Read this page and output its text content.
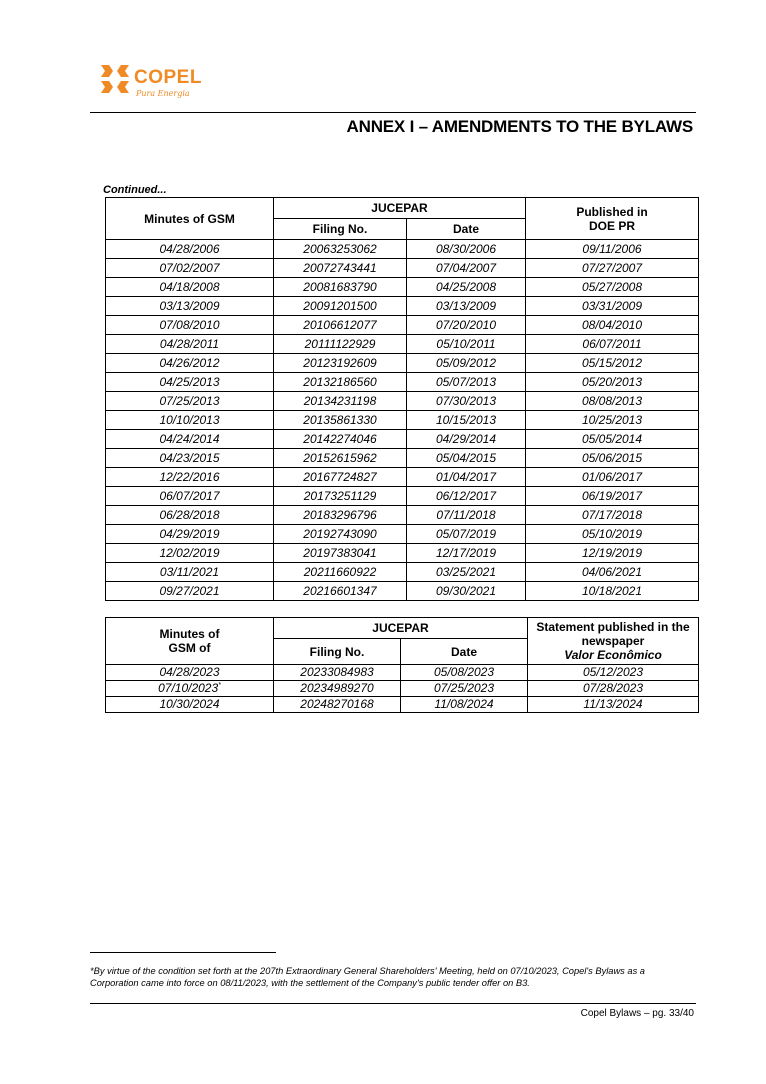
COPEL
Pura Energia
ANNEX I – AMENDMENTS TO THE BYLAWS
Continued...
Minutes of GSM	JUCEPAR		Published in DOE PR
	Filing No.	Date	
04/28/2006	20063253062	08/30/2006	09/11/2006
07/02/2007	20072743441	07/04/2007	07/27/2007
04/18/2008	20081683790	04/25/2008	05/27/2008
03/13/2009	20091201500	03/13/2009	03/31/2009
07/08/2010	20106612077	07/20/2010	08/04/2010
04/28/2011	20111122929	05/10/2011	06/07/2011
04/26/2012	20123192609	05/09/2012	05/15/2012
04/25/2013	20132186560	05/07/2013	05/20/2013
07/25/2013	20134231198	07/30/2013	08/08/2013
10/10/2013	20135861330	10/15/2013	10/25/2013
04/24/2014	20142274046	04/29/2014	05/05/2014
04/23/2015	20152615962	05/04/2015	05/06/2015
12/22/2016	20167724827	01/04/2017	01/06/2017
06/07/2017	20173251129	06/12/2017	06/19/2017
06/28/2018	20183296796	07/11/2018	07/17/2018
04/29/2019	20192743090	05/07/2019	05/10/2019
12/02/2019	20197383041	12/17/2019	12/19/2019
03/11/2021	20211660922	03/25/2021	04/06/2021
09/27/2021	20216601347	09/30/2021	10/18/2021
Minutes of GSM of	JUCEPAR		Statement published in the newspaper
Valor Econômico
	Filing No.	Date	
04/28/2023	20233084983	05/08/2023	05/12/2023
07/10/2023*	20234989270	07/25/2023	07/28/2023
10/30/2024	20248270168	11/08/2024	11/13/2024
*By virtue of the condition set forth at the 207th Extraordinary General Shareholders' Meeting, held on 07/10/2023, Copel's Bylaws as a Corporation came into force on 08/11/2023, with the settlement of the Company's public tender offer on B3.
Copel Bylaws – pg. 33/40
